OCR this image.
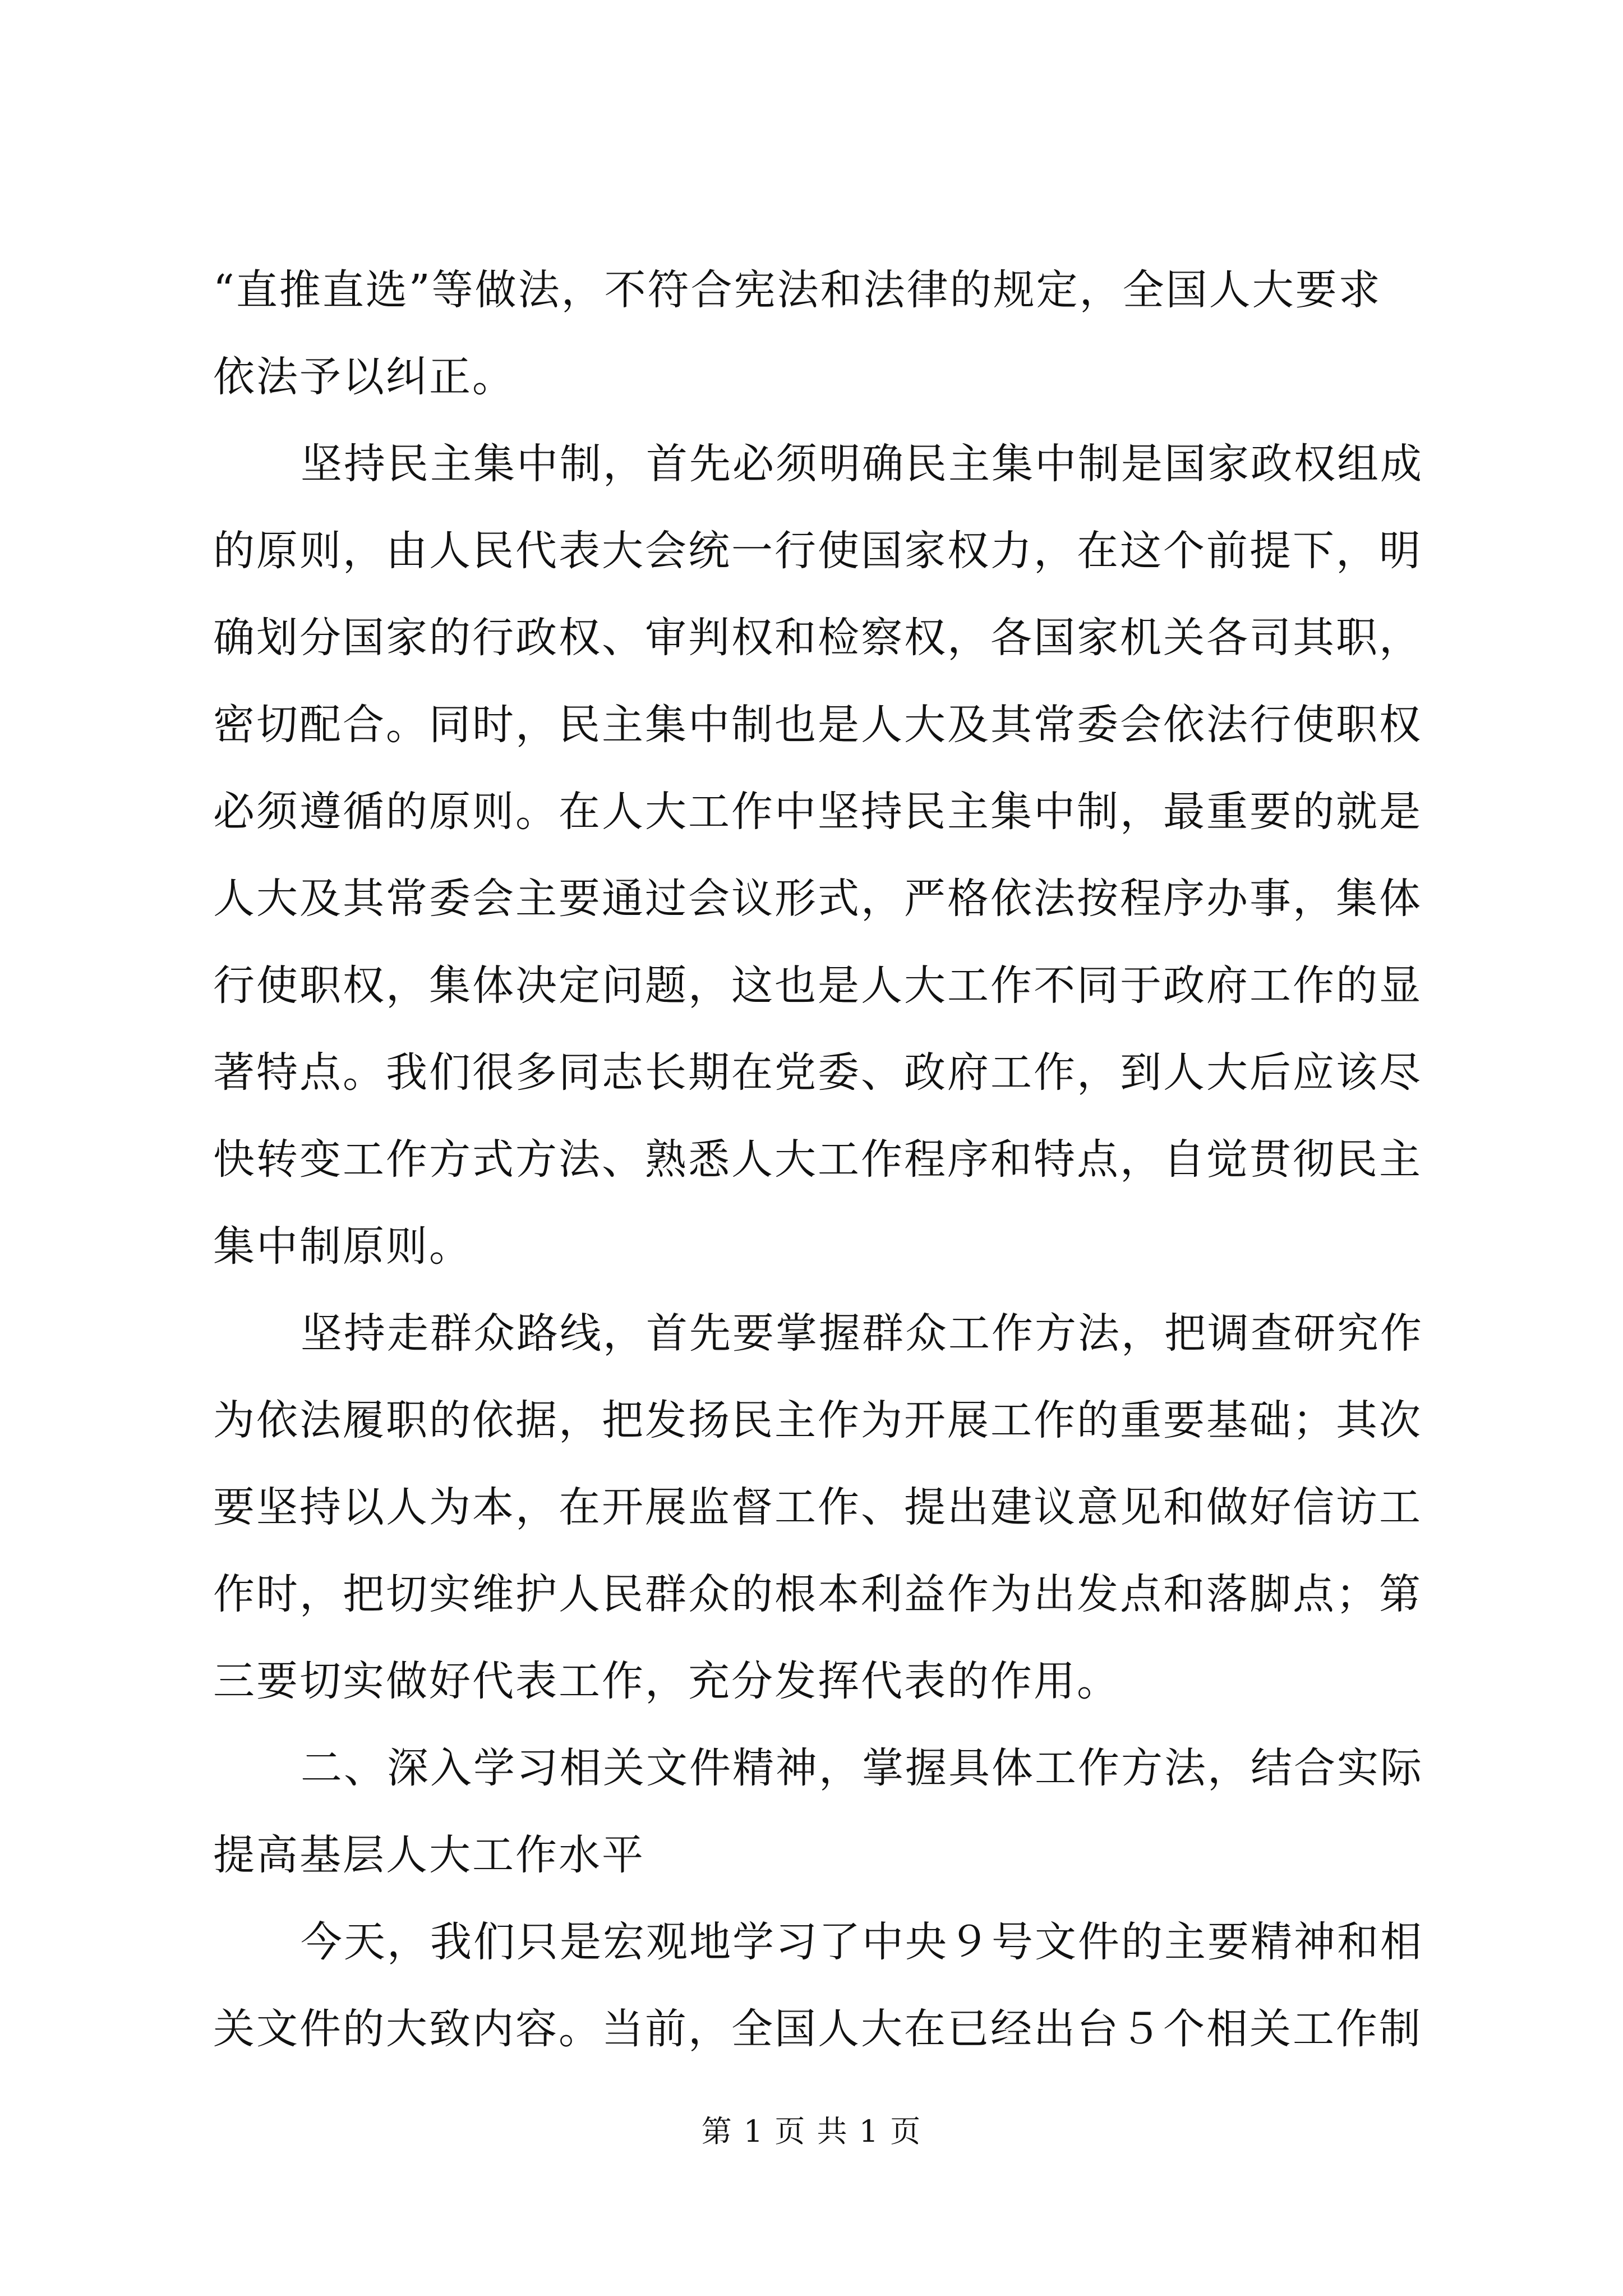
“直推直选”等做法，不符合宪法和法律的规定，全国人大要求
依法予以纠正。
坚持民主集中制，首先必须明确民主集中制是国家政权组成
的原则，由人民代表大会统一行使国家权力，在这个前提下，明
确划分国家的行政权、审判权和检察权，各国家机关各司其职，
密切配合。同时，民主集中制也是人大及其常委会依法行使职权
必须遵循的原则。在人大工作中坚持民主集中制，最重要的就是
人大及其常委会主要通过会议形式，严格依法按程序办事，集体
行使职权，集体决定问题，这也是人大工作不同于政府工作的显
著特点。我们很多同志长期在党委、政府工作，到人大后应该尽
快转变工作方式方法、熟悉人大工作程序和特点，自觉贯彻民主
集中制原则。
坚持走群众路线，首先要掌握群众工作方法，把调查研究作
为依法履职的依据，把发扬民主作为开展工作的重要基础；其次
要坚持以人为本，在开展监督工作、提出建议意见和做好信访工
作时，把切实维护人民群众的根本利益作为出发点和落脚点；第
三要切实做好代表工作，充分发挥代表的作用。
二、深入学习相关文件精神，掌握具体工作方法，结合实际
提高基层人大工作水平
今天，我们只是宏观地学习了中央９号文件的主要精神和相
关文件的大致内容。当前，全国人大在已经出台５个相关工作制
第 1 页 共 1 页
